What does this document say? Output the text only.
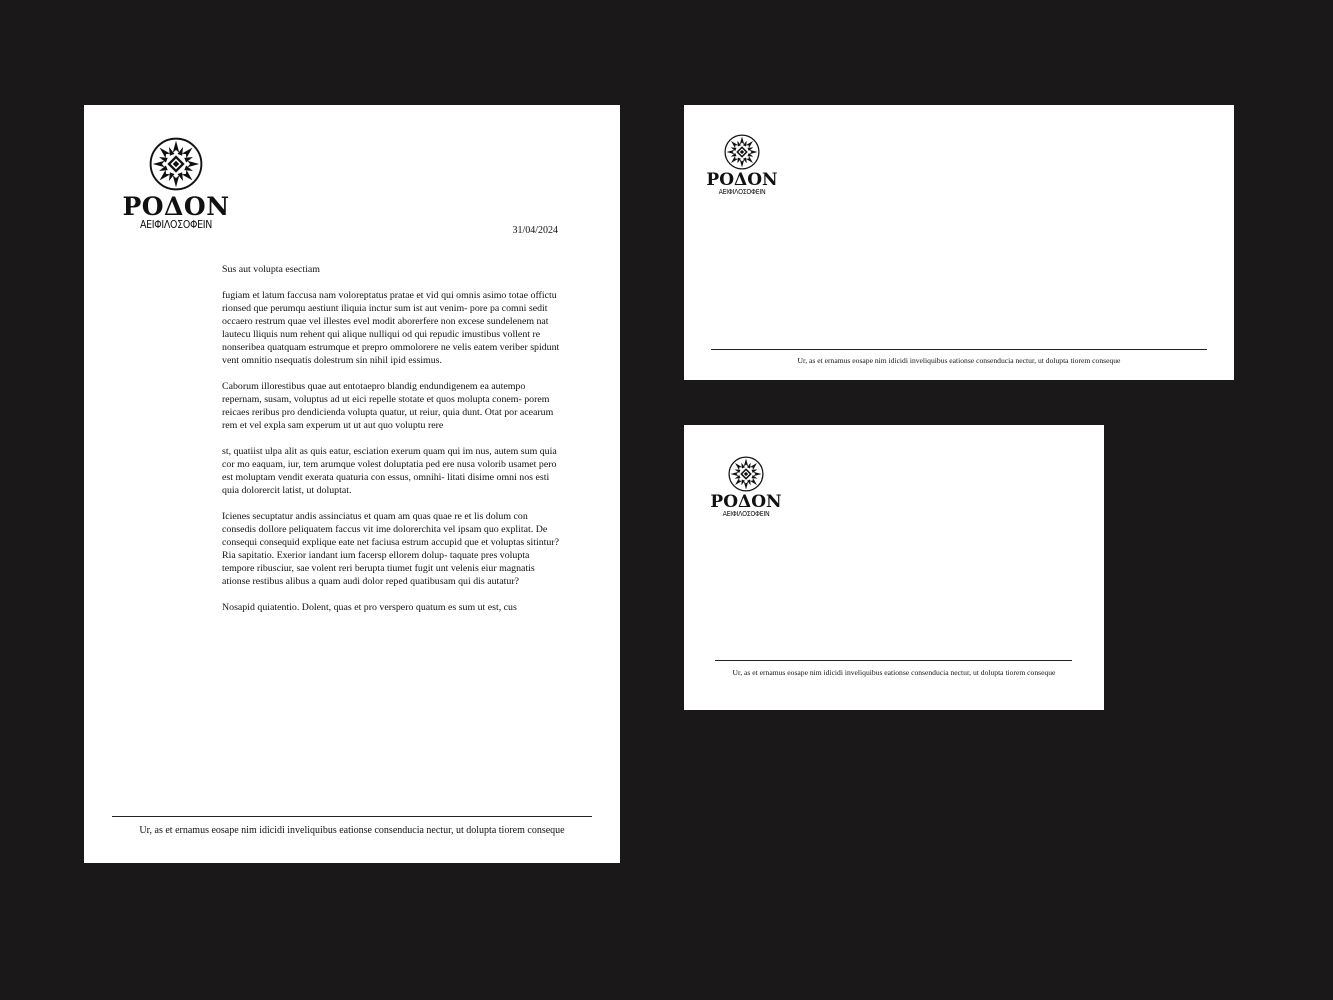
ΡΟΔΟΝ
ΑΕΙΦΙΛΟΣΟΦΕΙΝ	31/04/2024

Sus aut volupta esectiam

fugiam et latum faccusa nam voloreptatus pratae et vid qui omnis asimo totae offictu rionsed que perumqu aestiunt iliquia inctur sum ist aut venim- pore pa comni sedit occaero restrum quae vel illestes evel modit aborerfere non excese sundelenem nat lautecu lliquis num rehent qui alique nulliqui od qui repudic imustibus vollent re nonseribea quatquam estrumque et prepro ommolorere ne velis eatem veriber spidunt vent omnitio nsequatis dolestrum sin nihil ipid essimus.

Caborum illorestibus quae aut entotaepro blandig endundigenem ea autempo repernam, susam, voluptus ad ut eici repelle stotate et quos molupta conem- porem reicaes reribus pro dendicienda volupta quatur, ut reiur, quia dunt. Otat por acearum rem et vel expla sam experum ut ut aut quo voluptu rere

st, quatiist ulpa alit as quis eatur, esciation exerum quam qui im nus, autem sum quia cor mo eaquam, iur, tem arumque volest doluptatia ped ere nusa volorib usamet pero est moluptam vendit exerata quaturia con essus, omnihi- litati disime omni nos esti quia dolorercit latist, ut doluptat.

Icienes secuptatur andis assinciatus et quam am quas quae re et lis dolum con consedis dollore peliquatem faccus vit ime dolorerchita vel ipsam quo explitat. De consequi consequid explique eate net faciusa estrum accupid que et voluptas sitintur? Ria sapitatio. Exerior iandant ium facersp ellorem dolup- taquate pres volupta tempore ribusciur, sae volent reri berupta tiumet fugit unt velenis eiur magnatis ationse restibus alibus a quam audi dolor reped quatibusam qui dis autatur?

Nosapid quiatentio. Dolent, quas et pro verspero quatum es sum ut est, cus

Ur, as et ernamus eosape nim idicidi inveliquibus eationse consenducia nectur, ut dolupta tiorem conseque
ΡΟΔΟΝ
ΑΕΙΦΙΛΟΣΟΦΕΙΝ
Ur, as et ernamus eosape nim idicidi inveliquibus eationse consenducia nectur, ut dolupta tiorem conseque
ΡΟΔΟΝ
ΑΕΙΦΙΛΟΣΟΦΕΙΝ
Ur, as et ernamus eosape nim idicidi inveliquibus eationse consenducia nectur, ut dolupta tiorem conseque
